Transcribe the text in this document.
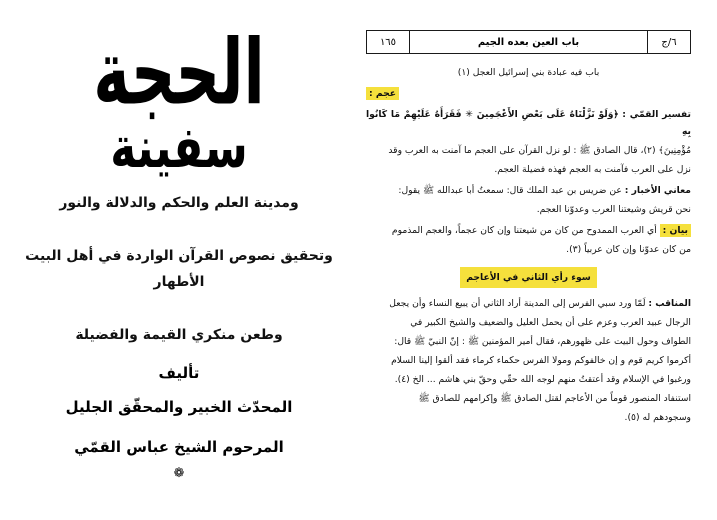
الحجة
سفينة
ومدينة العلم والحكم والدلالة والنور
وتحقيق نصوص القرآن الواردة في أهل البيت الأطهار
وطعن منكري القيمة والفضيلة
تأليف
المحدّث الخبير والمحقّق الجليل
المرحوم الشيخ عباس القمّي
❁
١٦٥	باب العين بعده الجيم	٦/ج
باب فيه عبادة بني إسرائيل العجل (١)
عجم :
تفسير القمّي : ﴿وَلَوْ نَزَّلْنَاهُ عَلَى بَعْضِ الأَعْجَمِينَ ✳ فَقَرَأَهُ عَلَيْهِمْ مَا كَانُوا بِهِ
مُؤْمِنِينَ﴾ (٢)، قال الصادق ﷺ : لو نزل القرآن على العجم ما آمنت به العرب وقد
نزل على العرب فآمنت به العجم فهذه فضيلة العجم.
معاني الأخبار : عن ضريس بن عبد الملك قال: سمعتُ أبا عبدالله ﷺ يقول:
نحن قريش وشيعتنا العرب وعدوّنا العجم.
بيان : أي العرب الممدوح من كان من شيعتنا وإن كان عجماً، والعجم المذموم
من كان عدوّنا وإن كان عربياً (٣).
سوء رأي الثاني في الأعاجم
المناقب : لَمّا ورد سبي الفرس إلى المدينة أراد الثاني أن يبيع النساء وأن يجعل
الرجال عبيد العرب وعزم على أن يحمل العليل والضعيف والشيخ الكبير في
الطواف وحول البيت على ظهورهم، فقال أمير المؤمنين ﷺ : إنّ النبيّ ﷺ قال:
أكرموا كريم قوم و إن خالفوكم ومولا الفرس حكماء كرماء فقد ألقوا إلينا السلام
ورغبوا في الإسلام وقد أعتقتُ منهم لوجه الله حقّي وحقّ بني هاشم ... الخ (٤).
استنفاد المنصور قوماً من الأعاجم لقتل الصادق ﷺ وإكرامهم للصادق ﷺ
وسجودهم له (٥).
